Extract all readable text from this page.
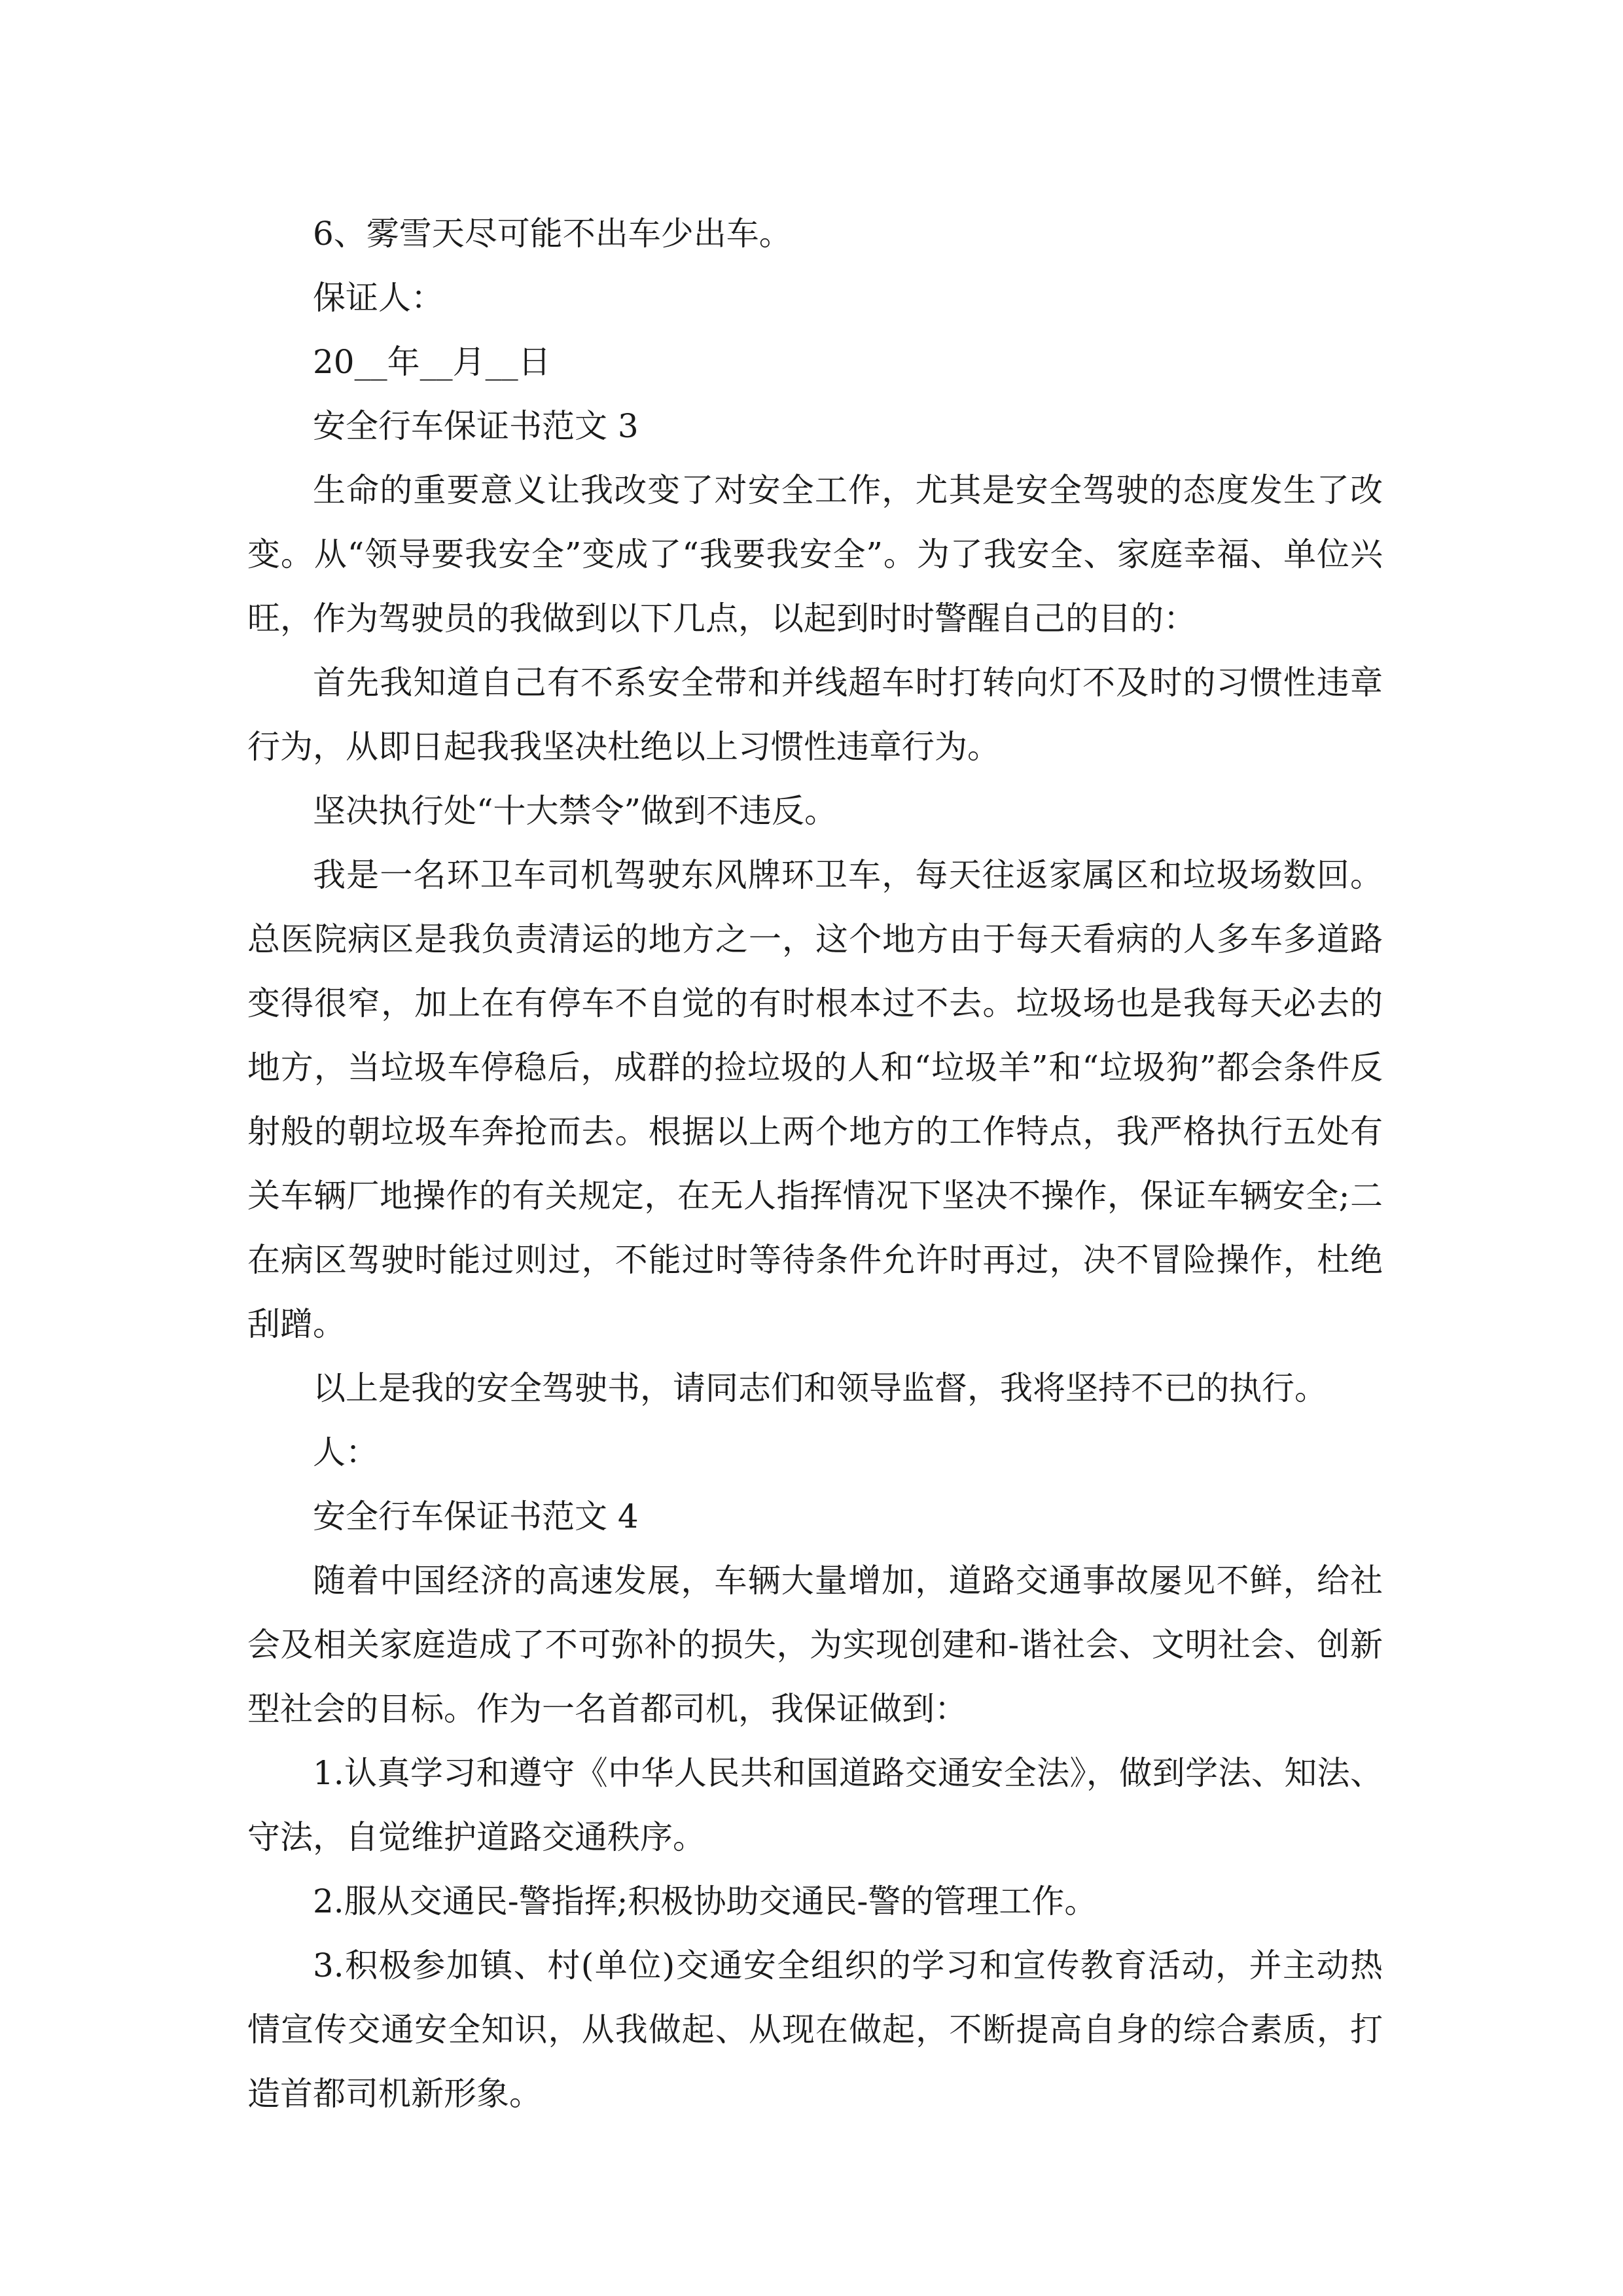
6、雾雪天尽可能不出车少出车。

保证人：

20__年__月__日

安全行车保证书范文 3

生命的重要意义让我改变了对安全工作，尤其是安全驾驶的态度发生了改变。从“领导要我安全”变成了“我要我安全”。为了我安全、家庭幸福、单位兴旺，作为驾驶员的我做到以下几点，以起到时时警醒自己的目的：

首先我知道自己有不系安全带和并线超车时打转向灯不及时的习惯性违章行为，从即日起我我坚决杜绝以上习惯性违章行为。

坚决执行处“十大禁令”做到不违反。

我是一名环卫车司机驾驶东风牌环卫车，每天往返家属区和垃圾场数回。总医院病区是我负责清运的地方之一，这个地方由于每天看病的人多车多道路变得很窄，加上在有停车不自觉的有时根本过不去。垃圾场也是我每天必去的地方，当垃圾车停稳后，成群的捡垃圾的人和“垃圾羊”和“垃圾狗”都会条件反射般的朝垃圾车奔抢而去。根据以上两个地方的工作特点，我严格执行五处有关车辆厂地操作的有关规定，在无人指挥情况下坚决不操作，保证车辆安全;二在病区驾驶时能过则过，不能过时等待条件允许时再过，决不冒险操作，杜绝刮蹭。

以上是我的安全驾驶书，请同志们和领导监督，我将坚持不已的执行。

人：

安全行车保证书范文 4

随着中国经济的高速发展，车辆大量增加，道路交通事故屡见不鲜，给社会及相关家庭造成了不可弥补的损失，为实现创建和-谐社会、文明社会、创新型社会的目标。作为一名首都司机，我保证做到：

1.认真学习和遵守《中华人民共和国道路交通安全法》，做到学法、知法、守法，自觉维护道路交通秩序。

2.服从交通民-警指挥;积极协助交通民-警的管理工作。

3.积极参加镇、村(单位)交通安全组织的学习和宣传教育活动，并主动热情宣传交通安全知识，从我做起、从现在做起，不断提高自身的综合素质，打造首都司机新形象。
